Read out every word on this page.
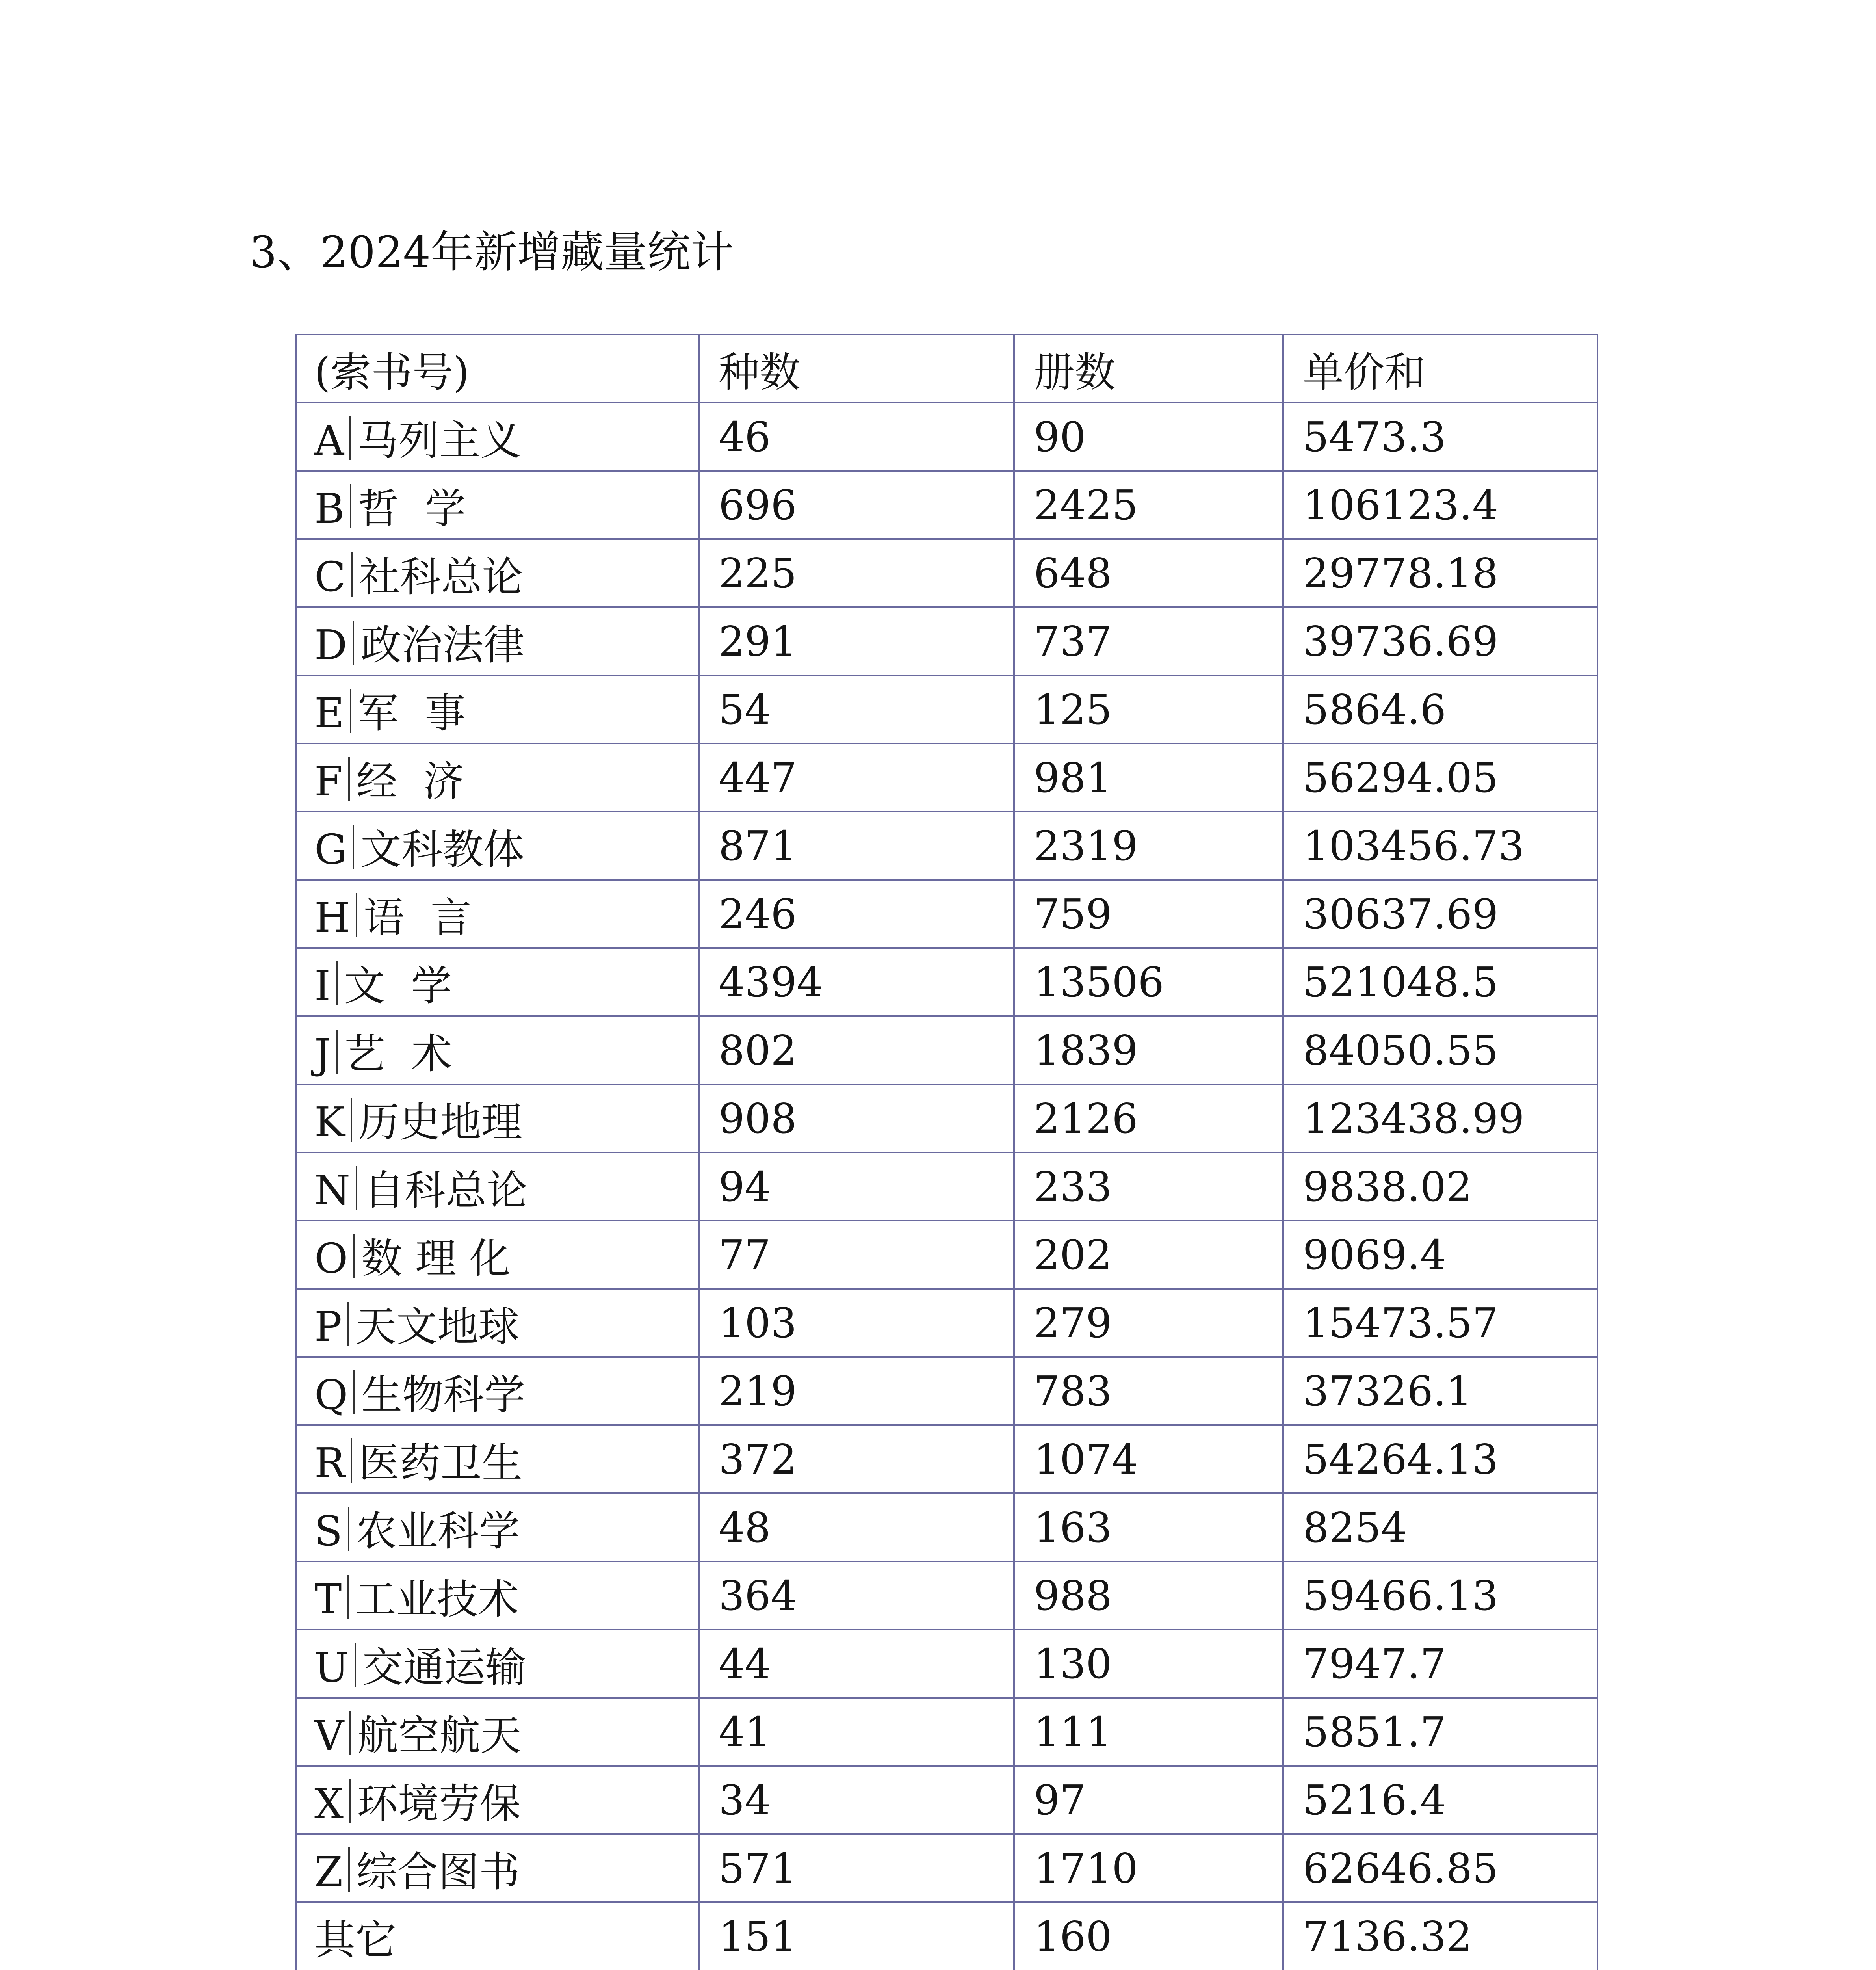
3、2024年新增藏量统计
(索书号)	种数	册数	单价和
A 马列主义	46	90	5473.3
B 哲  学	696	2425	106123.4
C 社科总论	225	648	29778.18
D 政治法律	291	737	39736.69
E 军  事	54	125	5864.6
F 经  济	447	981	56294.05
G 文科教体	871	2319	103456.73
H 语  言	246	759	30637.69
I 文  学	4394	13506	521048.5
J 艺  术	802	1839	84050.55
K 历史地理	908	2126	123438.99
N 自科总论	94	233	9838.02
O 数 理 化	77	202	9069.4
P 天文地球	103	279	15473.57
Q 生物科学	219	783	37326.1
R 医药卫生	372	1074	54264.13
S 农业科学	48	163	8254
T 工业技术	364	988	59466.13
U 交通运输	44	130	7947.7
V 航空航天	41	111	5851.7
X 环境劳保	34	97	5216.4
Z 综合图书	571	1710	62646.85
其它	151	160	7136.32
